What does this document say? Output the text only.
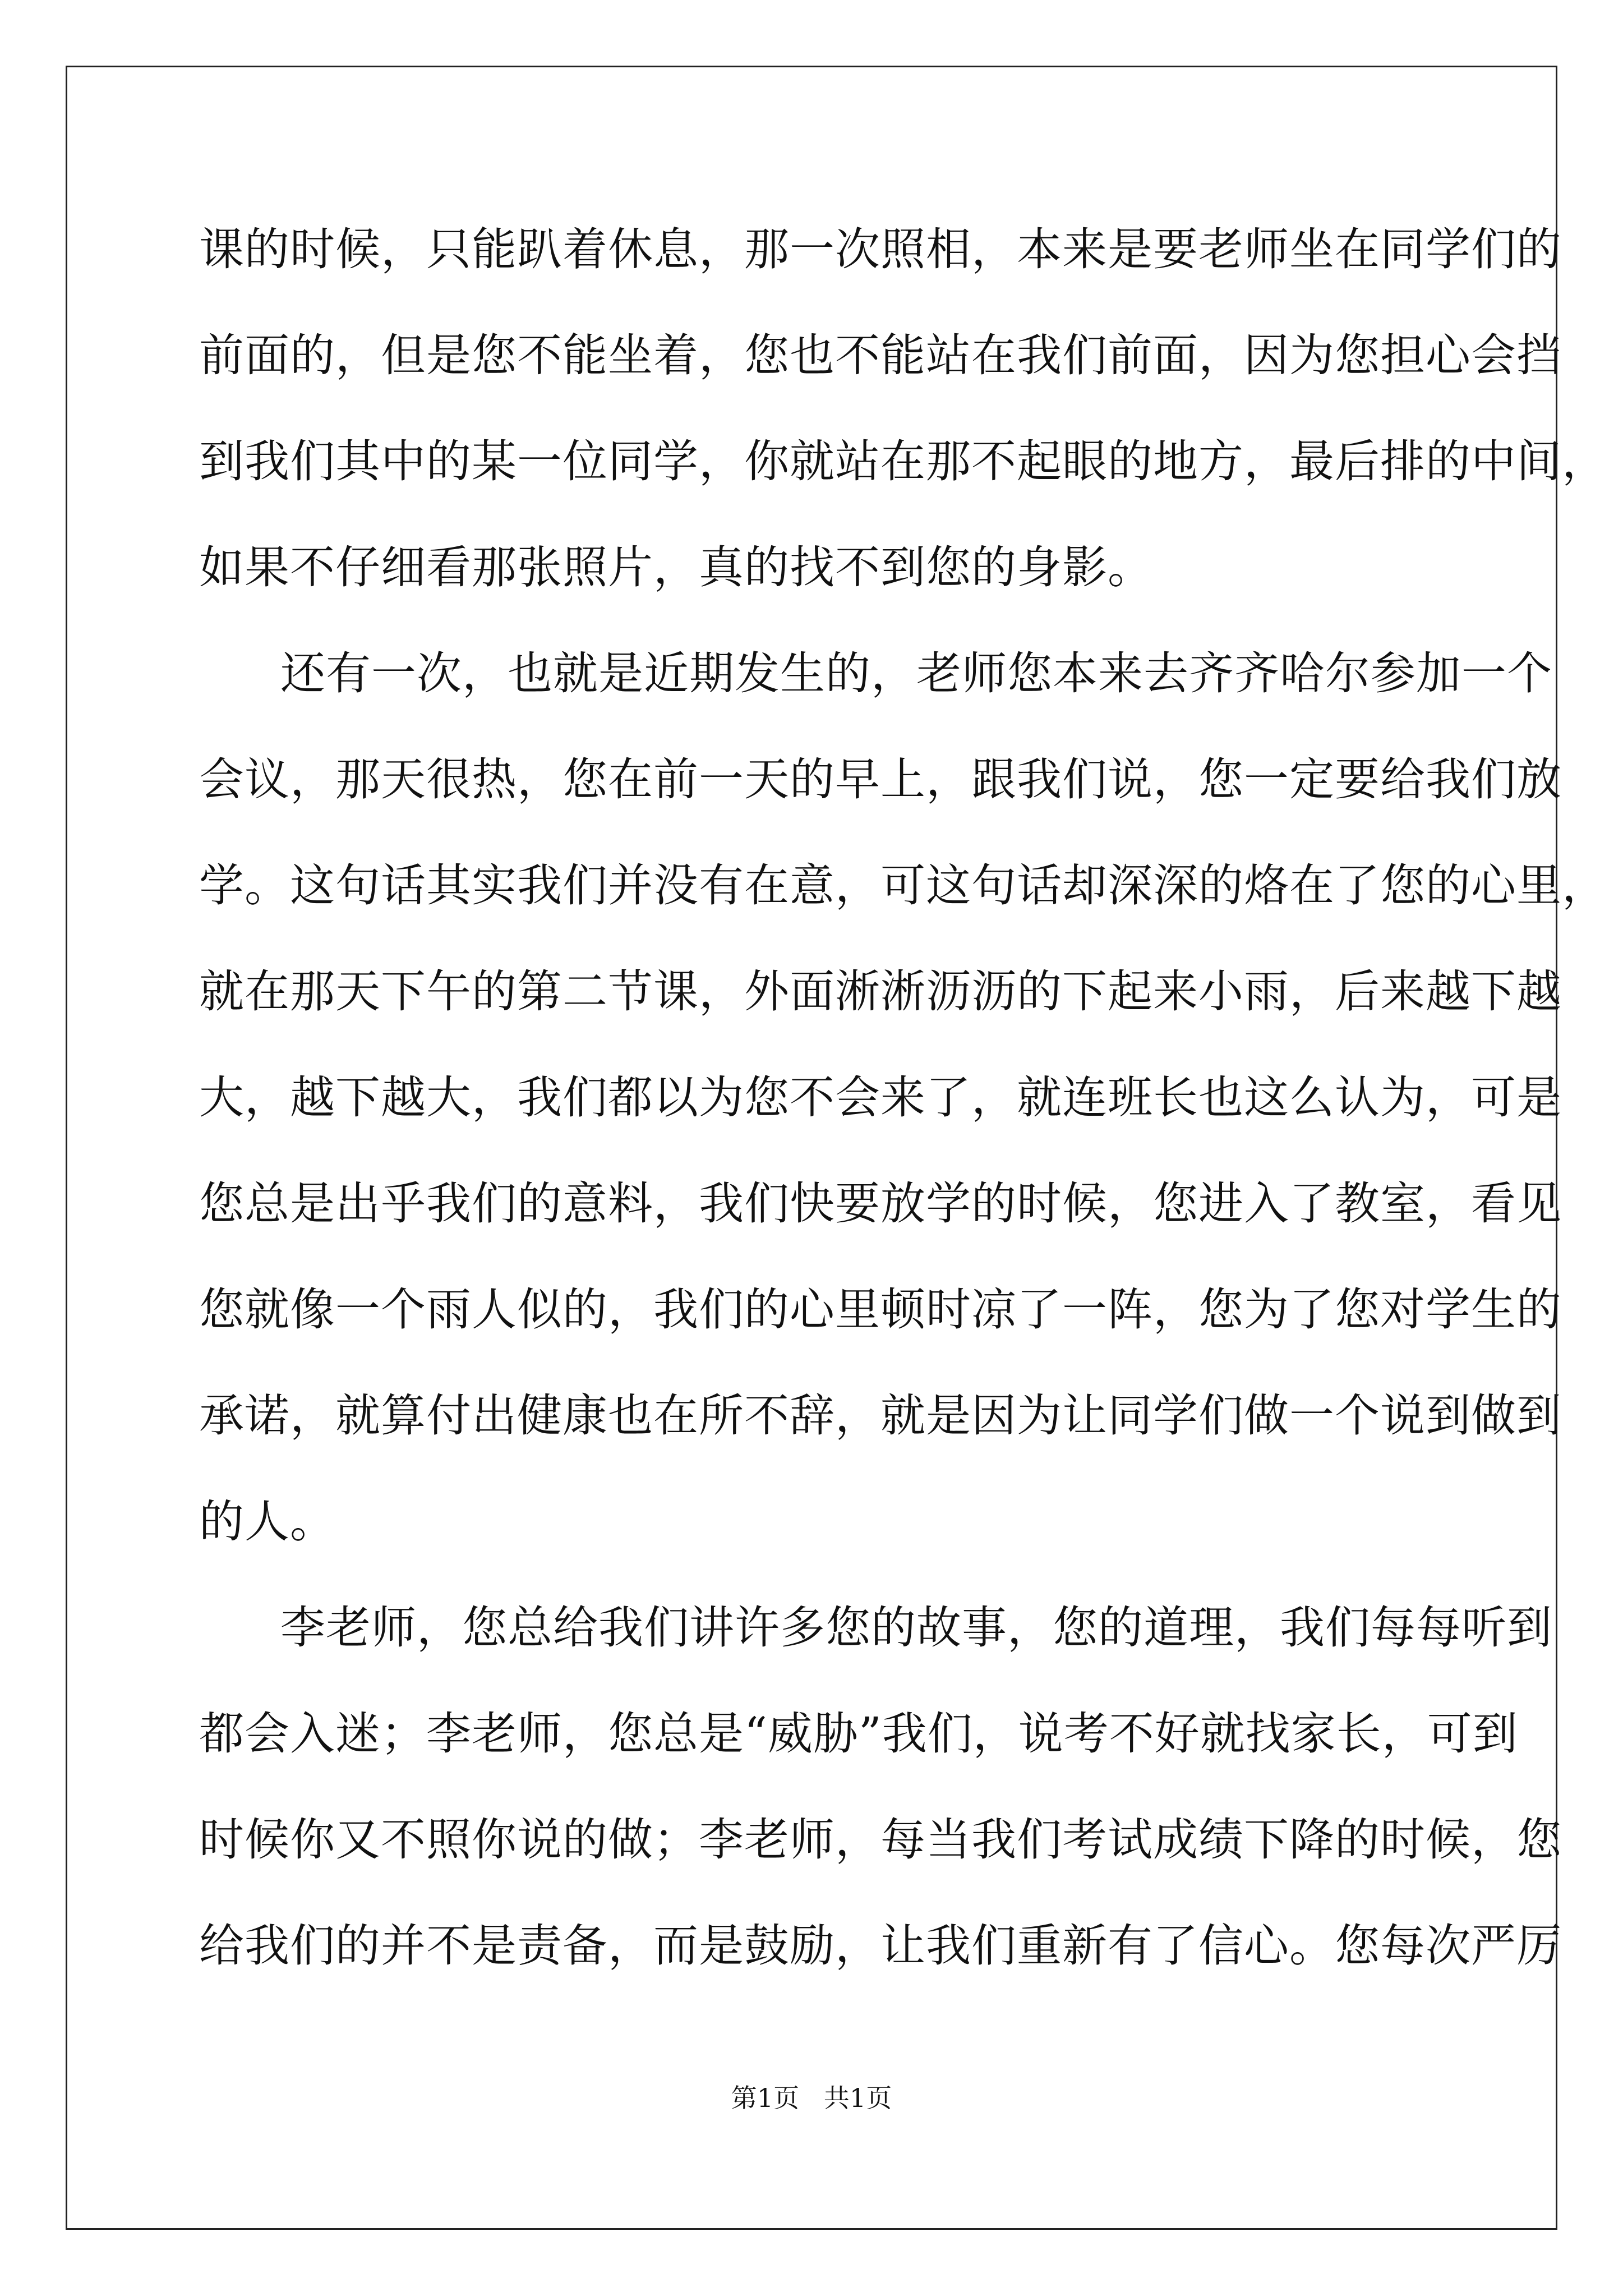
课的时候，只能趴着休息，那一次照相，本来是要老师坐在同学们的
前面的，但是您不能坐着，您也不能站在我们前面，因为您担心会挡
到我们其中的某一位同学，你就站在那不起眼的地方，最后排的中间，
如果不仔细看那张照片，真的找不到您的身影。
还有一次，也就是近期发生的，老师您本来去齐齐哈尔参加一个
会议，那天很热，您在前一天的早上，跟我们说，您一定要给我们放
学。这句话其实我们并没有在意，可这句话却深深的烙在了您的心里，
就在那天下午的第二节课，外面淅淅沥沥的下起来小雨，后来越下越
大，越下越大，我们都以为您不会来了，就连班长也这么认为，可是
您总是出乎我们的意料，我们快要放学的时候，您进入了教室，看见
您就像一个雨人似的，我们的心里顿时凉了一阵，您为了您对学生的
承诺，就算付出健康也在所不辞，就是因为让同学们做一个说到做到
的人。
李老师，您总给我们讲许多您的故事，您的道理，我们每每听到
都会入迷；李老师，您总是“威胁”我们，说考不好就找家长，可到
时候你又不照你说的做；李老师，每当我们考试成绩下降的时候，您
给我们的并不是责备，而是鼓励，让我们重新有了信心。您每次严厉
第1页   共1页
